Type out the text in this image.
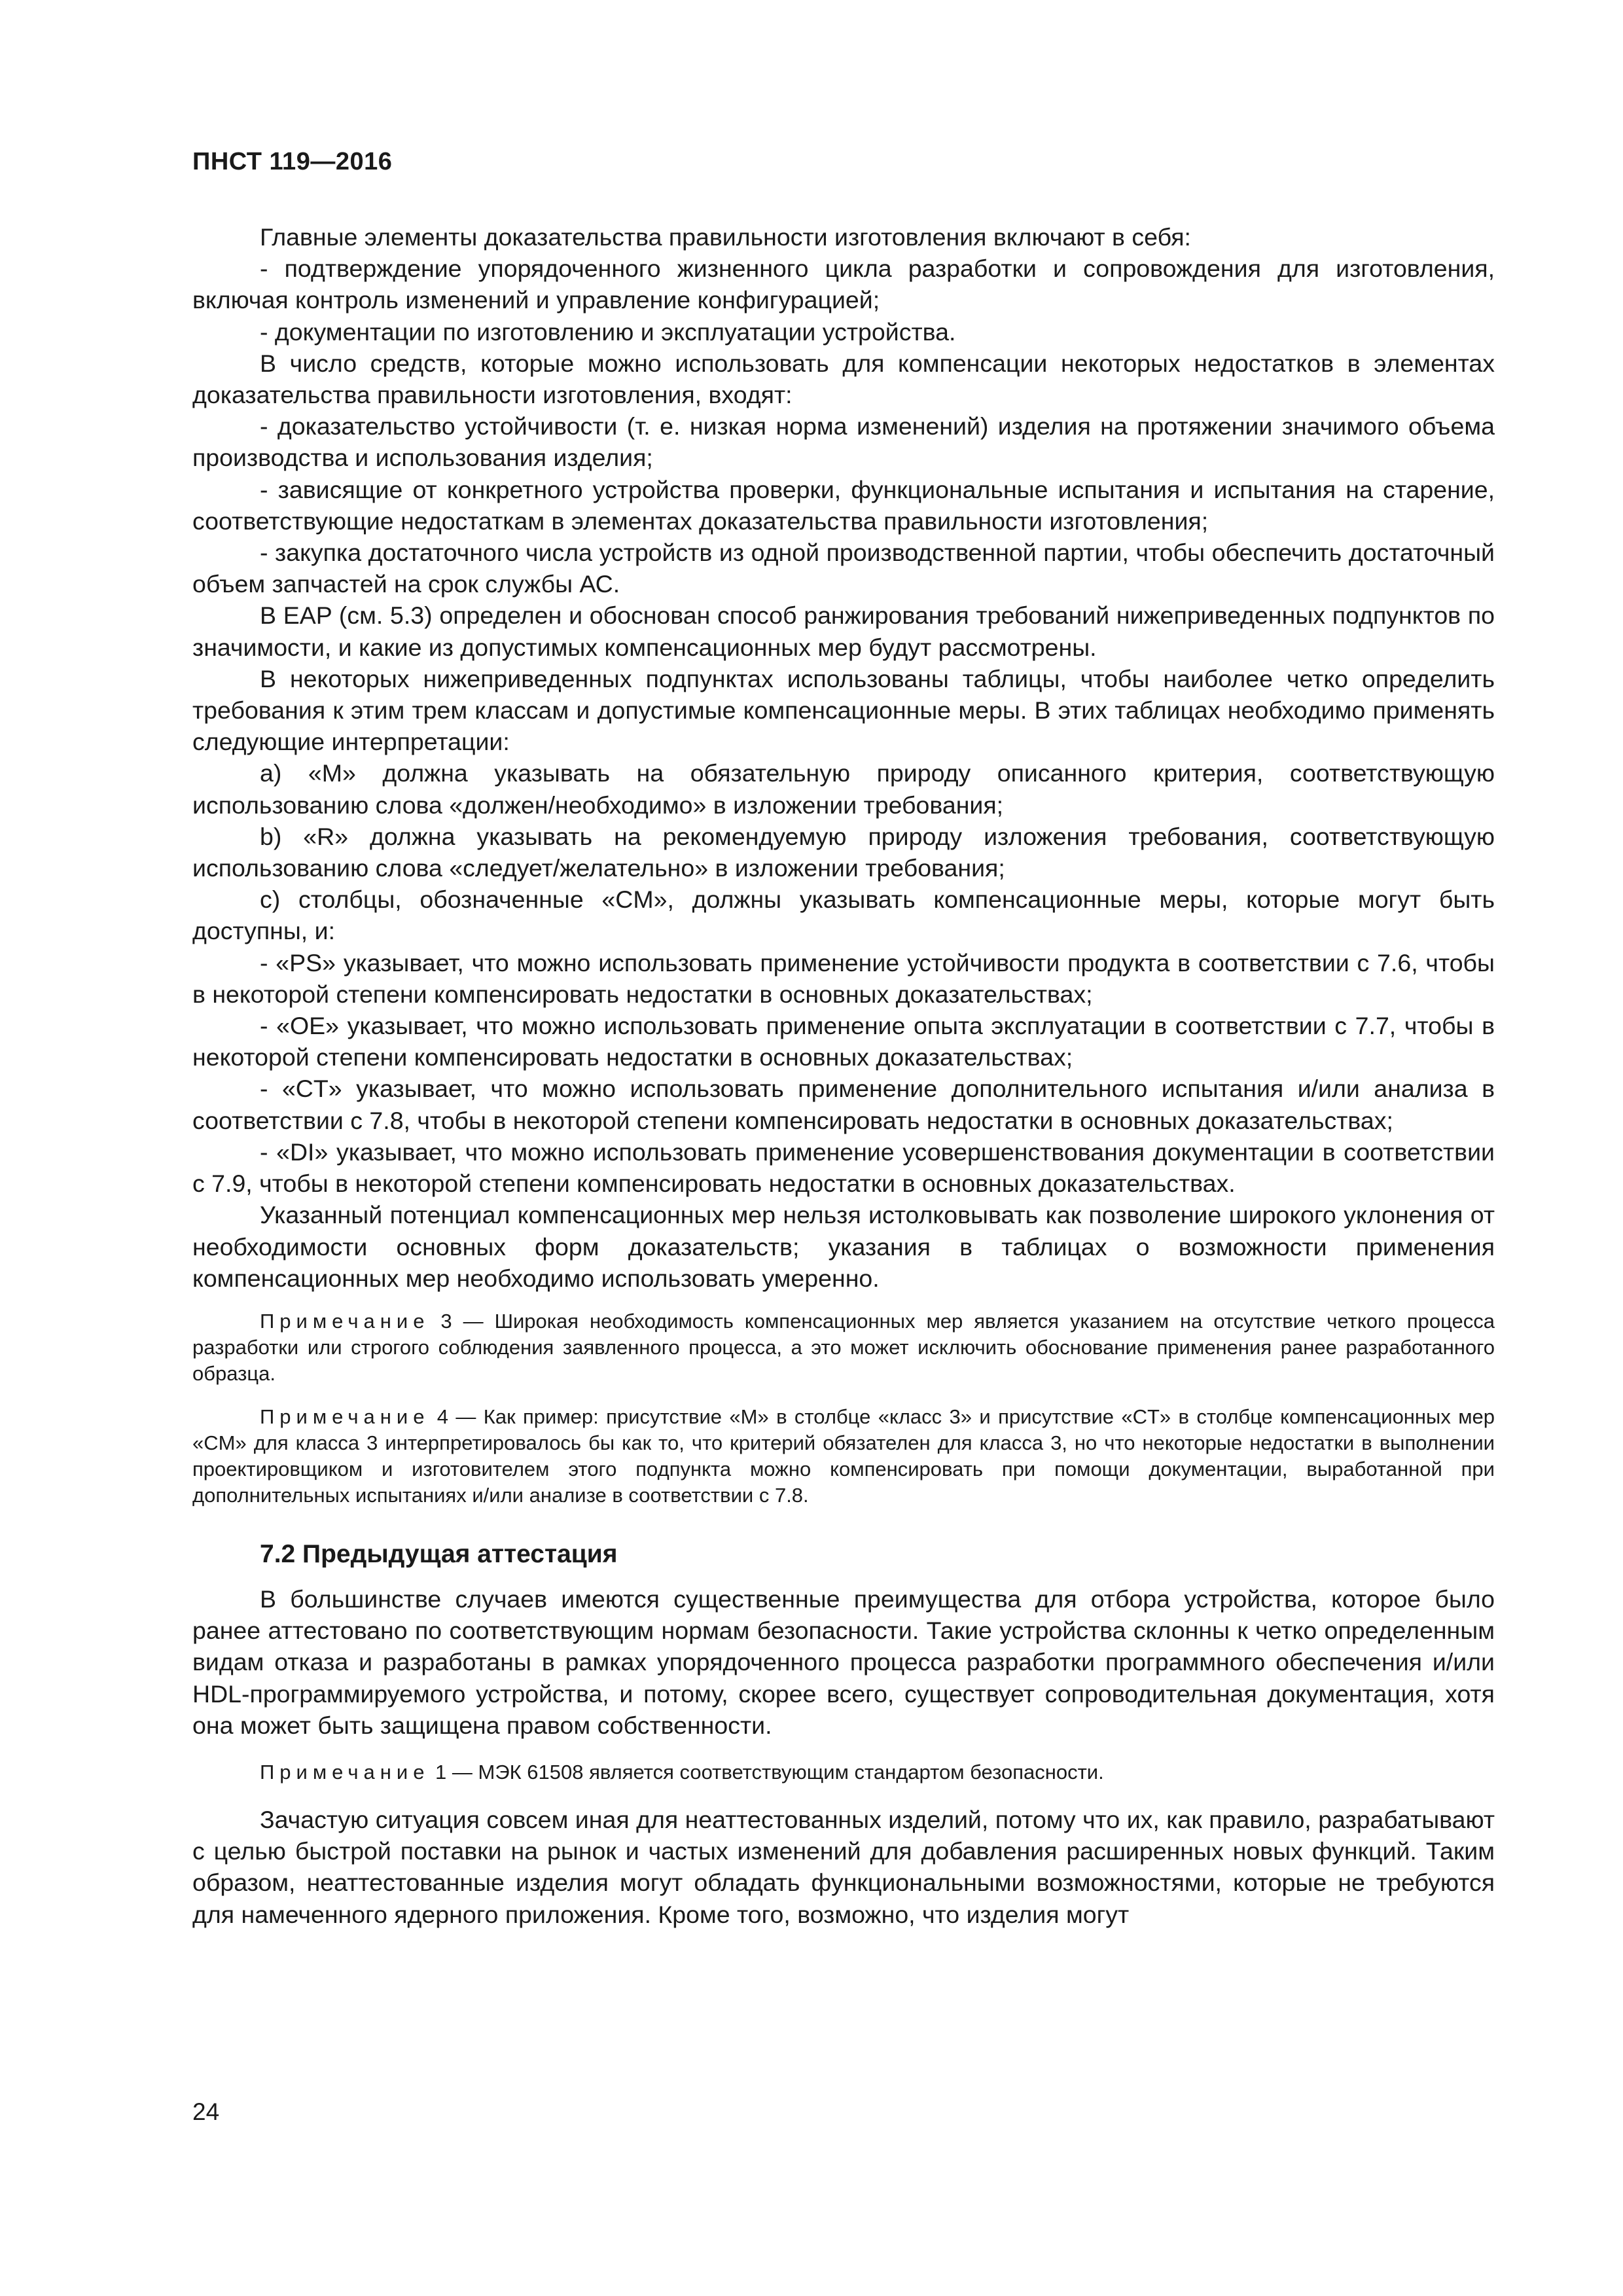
ПНСТ 119—2016

Главные элементы доказательства правильности изготовления включают в себя:

- подтверждение упорядоченного жизненного цикла разработки и сопровождения для изготовления, включая контроль изменений и управление конфигурацией;

- документации по изготовлению и эксплуатации устройства.

В число средств, которые можно использовать для компенсации некоторых недостатков в элементах доказательства правильности изготовления, входят:

- доказательство устойчивости (т. е. низкая норма изменений) изделия на протяжении значимого объема производства и использования изделия;

- зависящие от конкретного устройства проверки, функциональные испытания и испытания на старение, соответствующие недостаткам в элементах доказательства правильности изготовления;

- закупка достаточного числа устройств из одной производственной партии, чтобы обеспечить достаточный объем запчастей на срок службы АС.

В EAP (см. 5.3) определен и обоснован способ ранжирования требований нижеприведенных подпунктов по значимости, и какие из допустимых компенсационных мер будут рассмотрены.

В некоторых нижеприведенных подпунктах использованы таблицы, чтобы наиболее четко определить требования к этим трем классам и допустимые компенсационные меры. В этих таблицах необходимо применять следующие интерпретации:

a) «M» должна указывать на обязательную природу описанного критерия, соответствующую использованию слова «должен/необходимо» в изложении требования;

b) «R» должна указывать на рекомендуемую природу изложения требования, соответствующую использованию слова «следует/желательно» в изложении требования;

c) столбцы, обозначенные «CM», должны указывать компенсационные меры, которые могут быть доступны, и:

- «PS» указывает, что можно использовать применение устойчивости продукта в соответствии с 7.6, чтобы в некоторой степени компенсировать недостатки в основных доказательствах;

- «OE» указывает, что можно использовать применение опыта эксплуатации в соответствии с 7.7, чтобы в некоторой степени компенсировать недостатки в основных доказательствах;

- «CT» указывает, что можно использовать применение дополнительного испытания и/или анализа в соответствии с 7.8, чтобы в некоторой степени компенсировать недостатки в основных доказательствах;

- «DI» указывает, что можно использовать применение усовершенствования документации в соответствии с 7.9, чтобы в некоторой степени компенсировать недостатки в основных доказательствах.

Указанный потенциал компенсационных мер нельзя истолковывать как позволение широкого уклонения от необходимости основных форм доказательств; указания в таблицах о возможности применения компенсационных мер необходимо использовать умеренно.

Примечание 3 — Широкая необходимость компенсационных мер является указанием на отсутствие четкого процесса разработки или строгого соблюдения заявленного процесса, а это может исключить обоснование применения ранее разработанного образца.

Примечание 4 — Как пример: присутствие «M» в столбце «класс 3» и присутствие «CT» в столбце компенсационных мер «CM» для класса 3 интерпретировалось бы как то, что критерий обязателен для класса 3, но что некоторые недостатки в выполнении проектировщиком и изготовителем этого подпункта можно компенсировать при помощи документации, выработанной при дополнительных испытаниях и/или анализе в соответствии с 7.8.

7.2 Предыдущая аттестация

В большинстве случаев имеются существенные преимущества для отбора устройства, которое было ранее аттестовано по соответствующим нормам безопасности. Такие устройства склонны к четко определенным видам отказа и разработаны в рамках упорядоченного процесса разработки программного обеспечения и/или HDL-программируемого устройства, и потому, скорее всего, существует сопроводительная документация, хотя она может быть защищена правом собственности.

Примечание 1 — МЭК 61508 является соответствующим стандартом безопасности.

Зачастую ситуация совсем иная для неаттестованных изделий, потому что их, как правило, разрабатывают с целью быстрой поставки на рынок и частых изменений для добавления расширенных новых функций. Таким образом, неаттестованные изделия могут обладать функциональными возможностями, которые не требуются для намеченного ядерного приложения. Кроме того, возможно, что изделия могут

24
